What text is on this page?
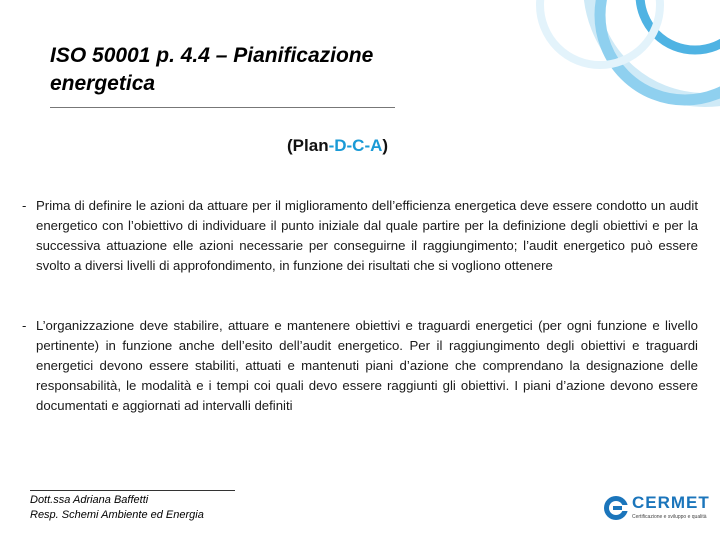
ISO 50001 p. 4.4 – Pianificazione
energetica
(Plan-D-C-A)
- Prima di definire le azioni da attuare per il miglioramento dell’efficienza energetica deve essere condotto un audit energetico con l’obiettivo di individuare il punto iniziale dal quale partire per la definizione degli obiettivi e per la successiva attuazione elle azioni necessarie per conseguirne il raggiungimento; l’audit energetico può essere svolto a diversi livelli di approfondimento, in funzione dei risultati che si vogliono ottenere
- L’organizzazione deve stabilire, attuare e mantenere obiettivi e traguardi energetici (per ogni funzione e livello pertinente) in funzione anche dell’esito dell’audit energetico. Per il raggiungimento degli obiettivi e traguardi energetici devono essere stabiliti, attuati e mantenuti piani d’azione che comprendano la designazione delle responsabilità, le modalità e i tempi coi quali devo essere raggiunti gli obiettivi. I piani d’azione devono essere documentati e aggiornati ad intervalli definiti
Dott.ssa Adriana Baffetti
Resp. Schemi Ambiente ed Energia
CERMET
Certificazione e sviluppo e qualità
